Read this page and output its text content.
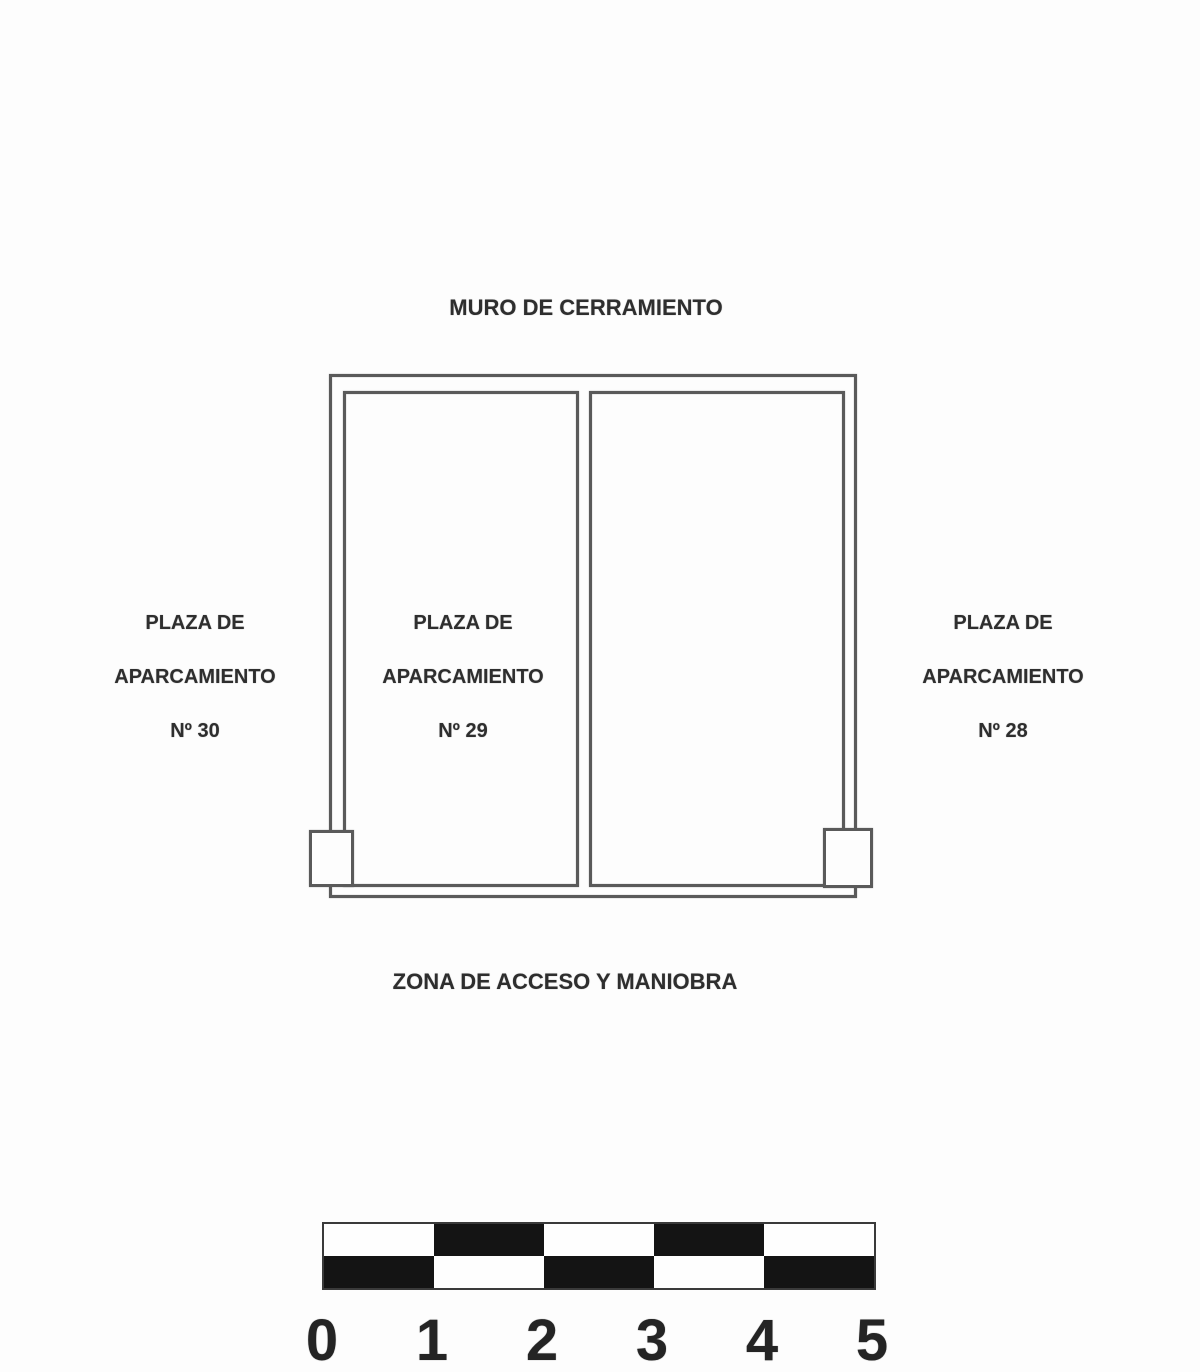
MURO DE CERRAMIENTO

PLAZA DE

APARCAMIENTO

Nº 30

PLAZA DE

APARCAMIENTO

Nº 29

PLAZA DE

APARCAMIENTO

Nº 28

ZONA DE ACCESO Y MANIOBRA
0 1 2 3 4 5
